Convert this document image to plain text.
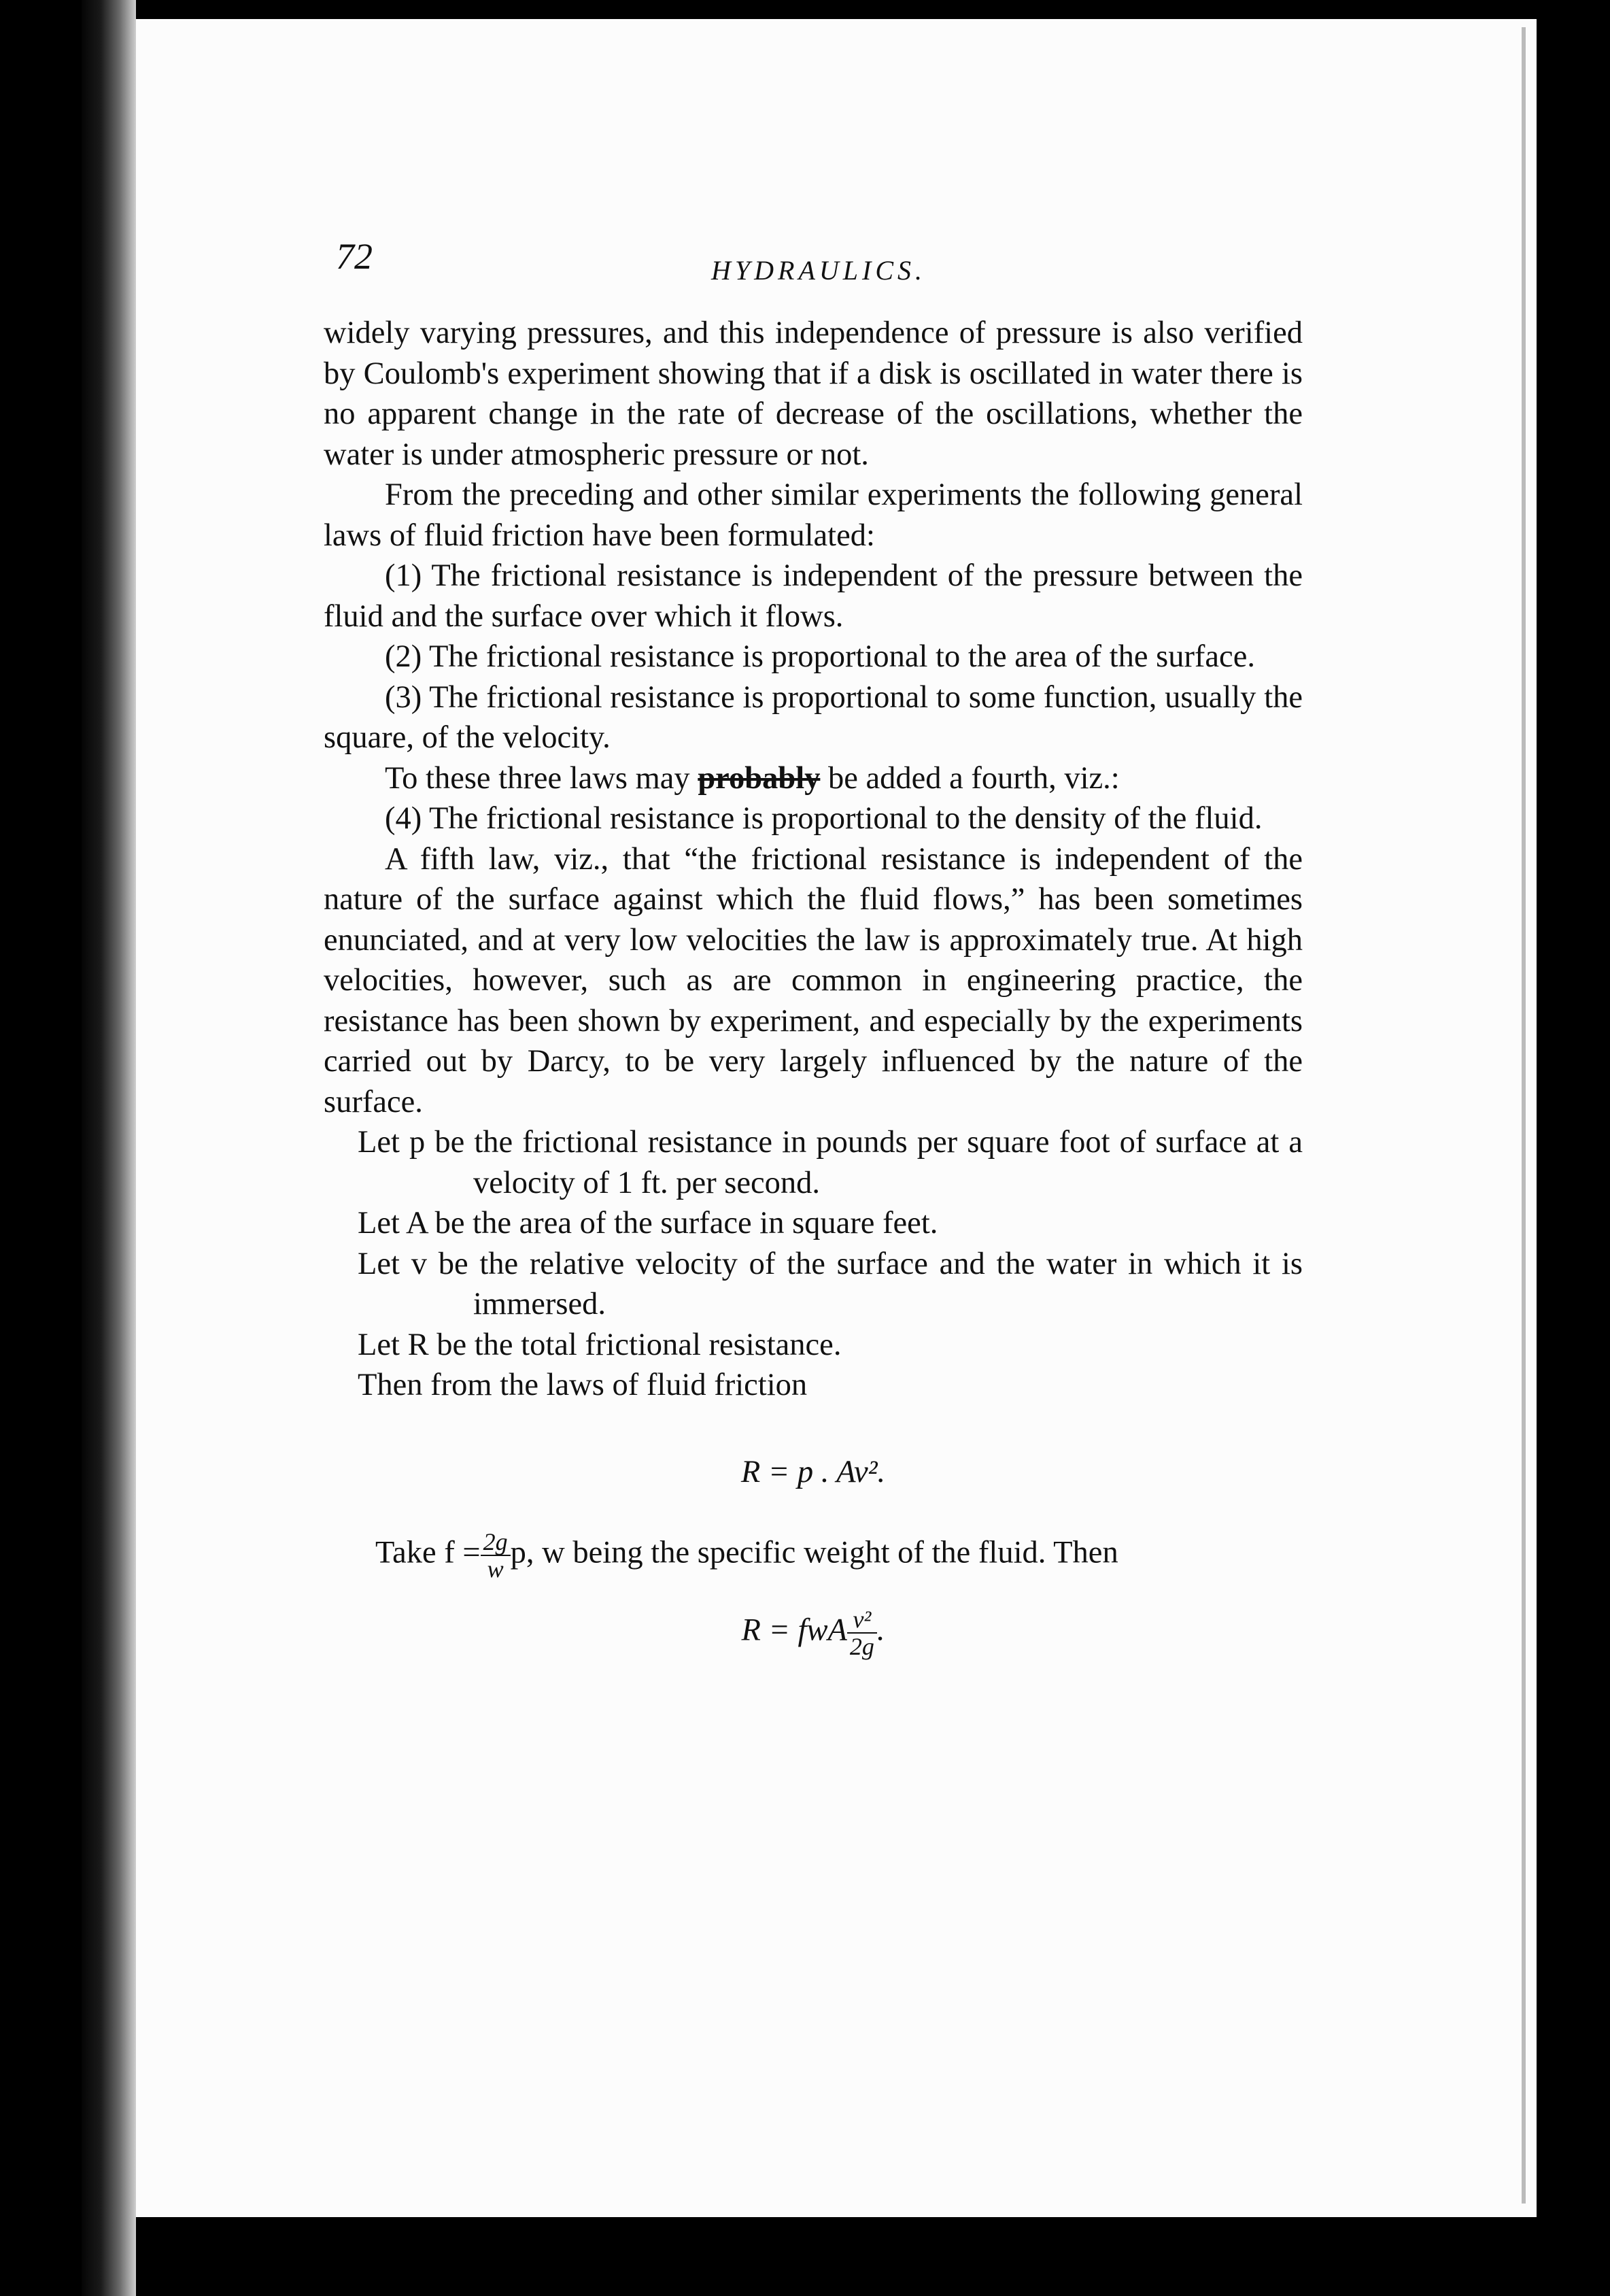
72	HYDRAULICS.

widely varying pressures, and this independence of pressure is also verified by Coulomb's experiment showing that if a disk is oscillated in water there is no apparent change in the rate of decrease of the oscillations, whether the water is under atmospheric pressure or not.

From the preceding and other similar experiments the following general laws of fluid friction have been formulated:

(1) The frictional resistance is independent of the pressure between the fluid and the surface over which it flows.

(2) The frictional resistance is proportional to the area of the surface.

(3) The frictional resistance is proportional to some function, usually the square, of the velocity.

To these three laws may probably be added a fourth, viz.:

(4) The frictional resistance is proportional to the density of the fluid.

A fifth law, viz., that “the frictional resistance is independent of the nature of the surface against which the fluid flows,” has been sometimes enunciated, and at very low velocities the law is approximately true. At high velocities, however, such as are common in engineering practice, the resistance has been shown by experiment, and especially by the experiments carried out by Darcy, to be very largely influenced by the nature of the surface.

Let p be the frictional resistance in pounds per square foot of surface at a velocity of 1 ft. per second.

Let A be the area of the surface in square feet.

Let v be the relative velocity of the surface and the water in which it is immersed.

Let R be the total frictional resistance.

Then from the laws of fluid friction

R = p . Av².

Take $f = \frac{2g}{w} p$, w being the specific weight of the fluid. Then

R = fwA $\frac{\text{v²}}{2g}$ .
